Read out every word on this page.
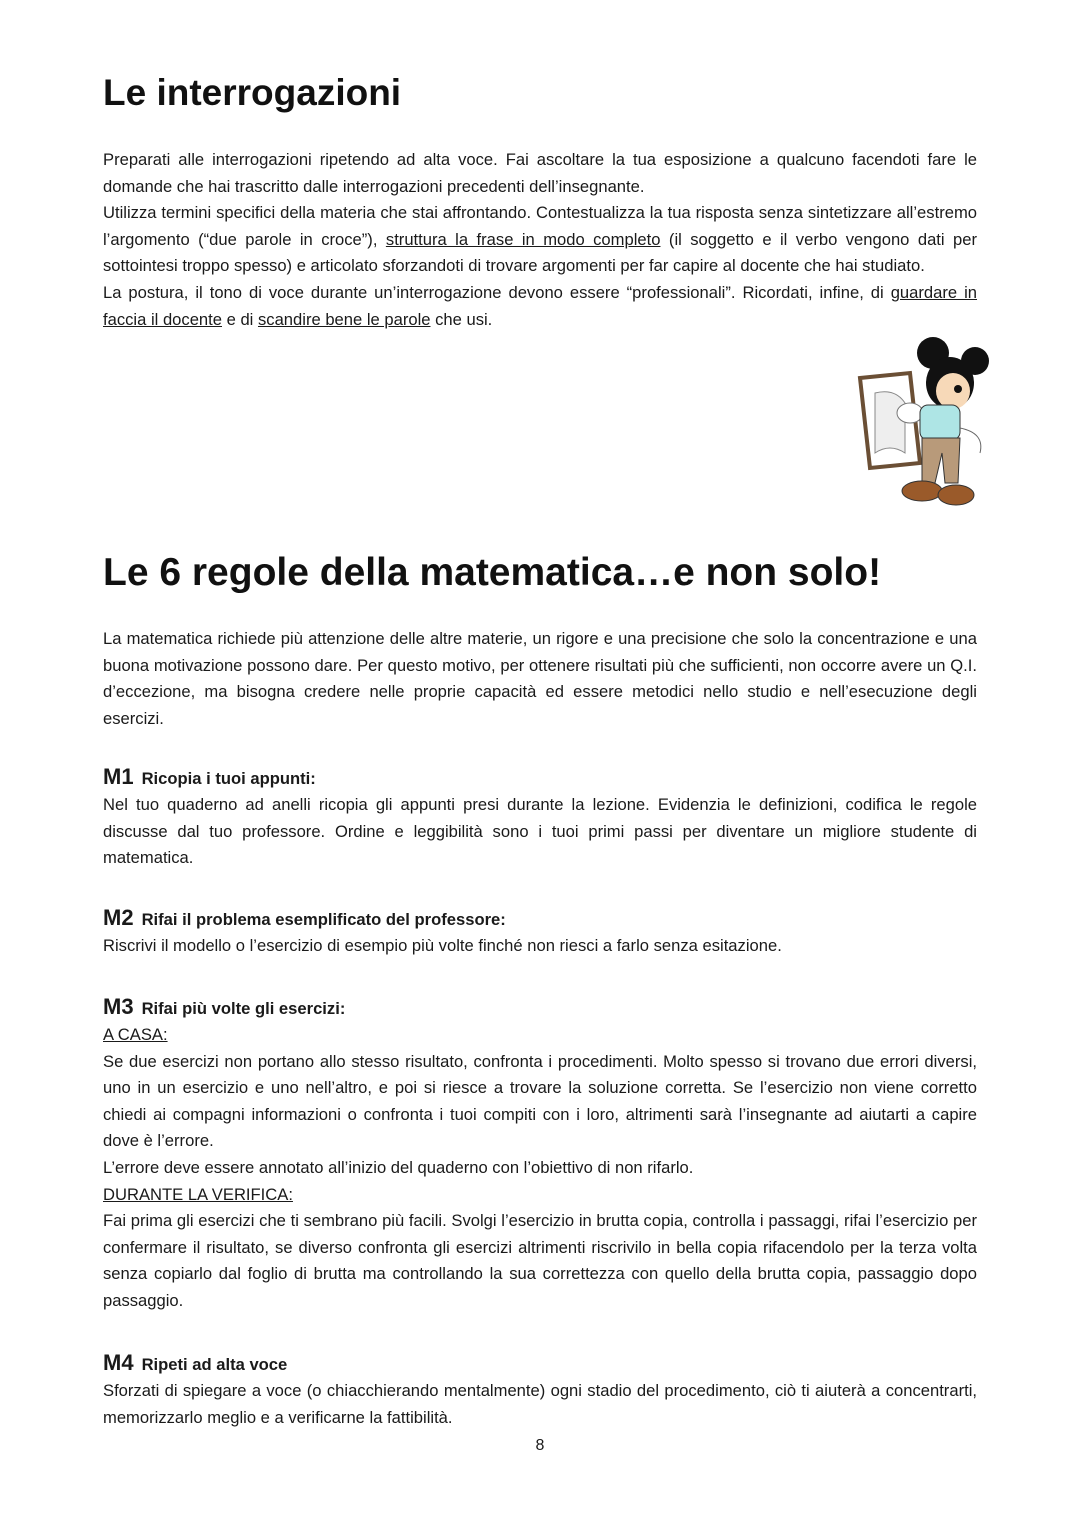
Le interrogazioni

Preparati alle interrogazioni ripetendo ad alta voce. Fai ascoltare la tua esposizione a qualcuno facendoti fare le domande che hai trascritto dalle interrogazioni precedenti dell’insegnante.

Utilizza termini specifici della materia che stai affrontando. Contestualizza la tua risposta senza sintetizzare all’estremo l’argomento (“due parole in croce”), struttura la frase in modo completo (il soggetto e il verbo vengono dati per sottointesi troppo spesso) e articolato sforzandoti di trovare argomenti per far capire al docente che hai studiato.

La postura, il tono di voce durante un’interrogazione devono essere “professionali”. Ricordati, infine, di guardare in faccia il docente e di scandire bene le parole che usi.

Le 6 regole della matematica…e non solo!

La matematica richiede più attenzione delle altre materie, un rigore e una precisione che solo la concentrazione e una buona motivazione possono dare. Per questo motivo, per ottenere risultati più che sufficienti, non occorre avere un Q.I. d’eccezione, ma bisogna credere nelle proprie capacità ed essere metodici nello studio e nell’esecuzione degli esercizi.

M1 Ricopia i tuoi appunti:

Nel tuo quaderno ad anelli ricopia gli appunti presi durante la lezione. Evidenzia le definizioni, codifica le regole discusse dal tuo professore. Ordine e leggibilità sono i tuoi primi passi per diventare un migliore studente di matematica.

M2 Rifai il problema esemplificato del professore:

Riscrivi il modello o l’esercizio di esempio più volte finché non riesci a farlo senza esitazione.

M3 Rifai più volte gli esercizi:

A CASA:

Se due esercizi non portano allo stesso risultato, confronta i procedimenti. Molto spesso si trovano due errori diversi, uno in un esercizio e uno nell’altro, e poi si riesce a trovare la soluzione corretta. Se l’esercizio non viene corretto chiedi ai compagni informazioni o confronta i tuoi compiti con i loro, altrimenti sarà l’insegnante ad aiutarti a capire dove è l’errore.

L’errore deve essere annotato all’inizio del quaderno con l’obiettivo di non rifarlo.

DURANTE LA VERIFICA:

Fai prima gli esercizi che ti sembrano più facili. Svolgi l’esercizio in brutta copia, controlla i passaggi, rifai l’esercizio per confermare il risultato, se diverso confronta gli esercizi altrimenti riscrivilo in bella copia rifacendolo per la terza volta senza copiarlo dal foglio di brutta ma controllando la sua correttezza con quello della brutta copia, passaggio dopo passaggio.

M4 Ripeti ad alta voce

Sforzati di spiegare a voce (o chiacchierando mentalmente) ogni stadio del procedimento, ciò ti aiuterà a concentrarti, memorizzarlo meglio e a verificarne la fattibilità.

8
